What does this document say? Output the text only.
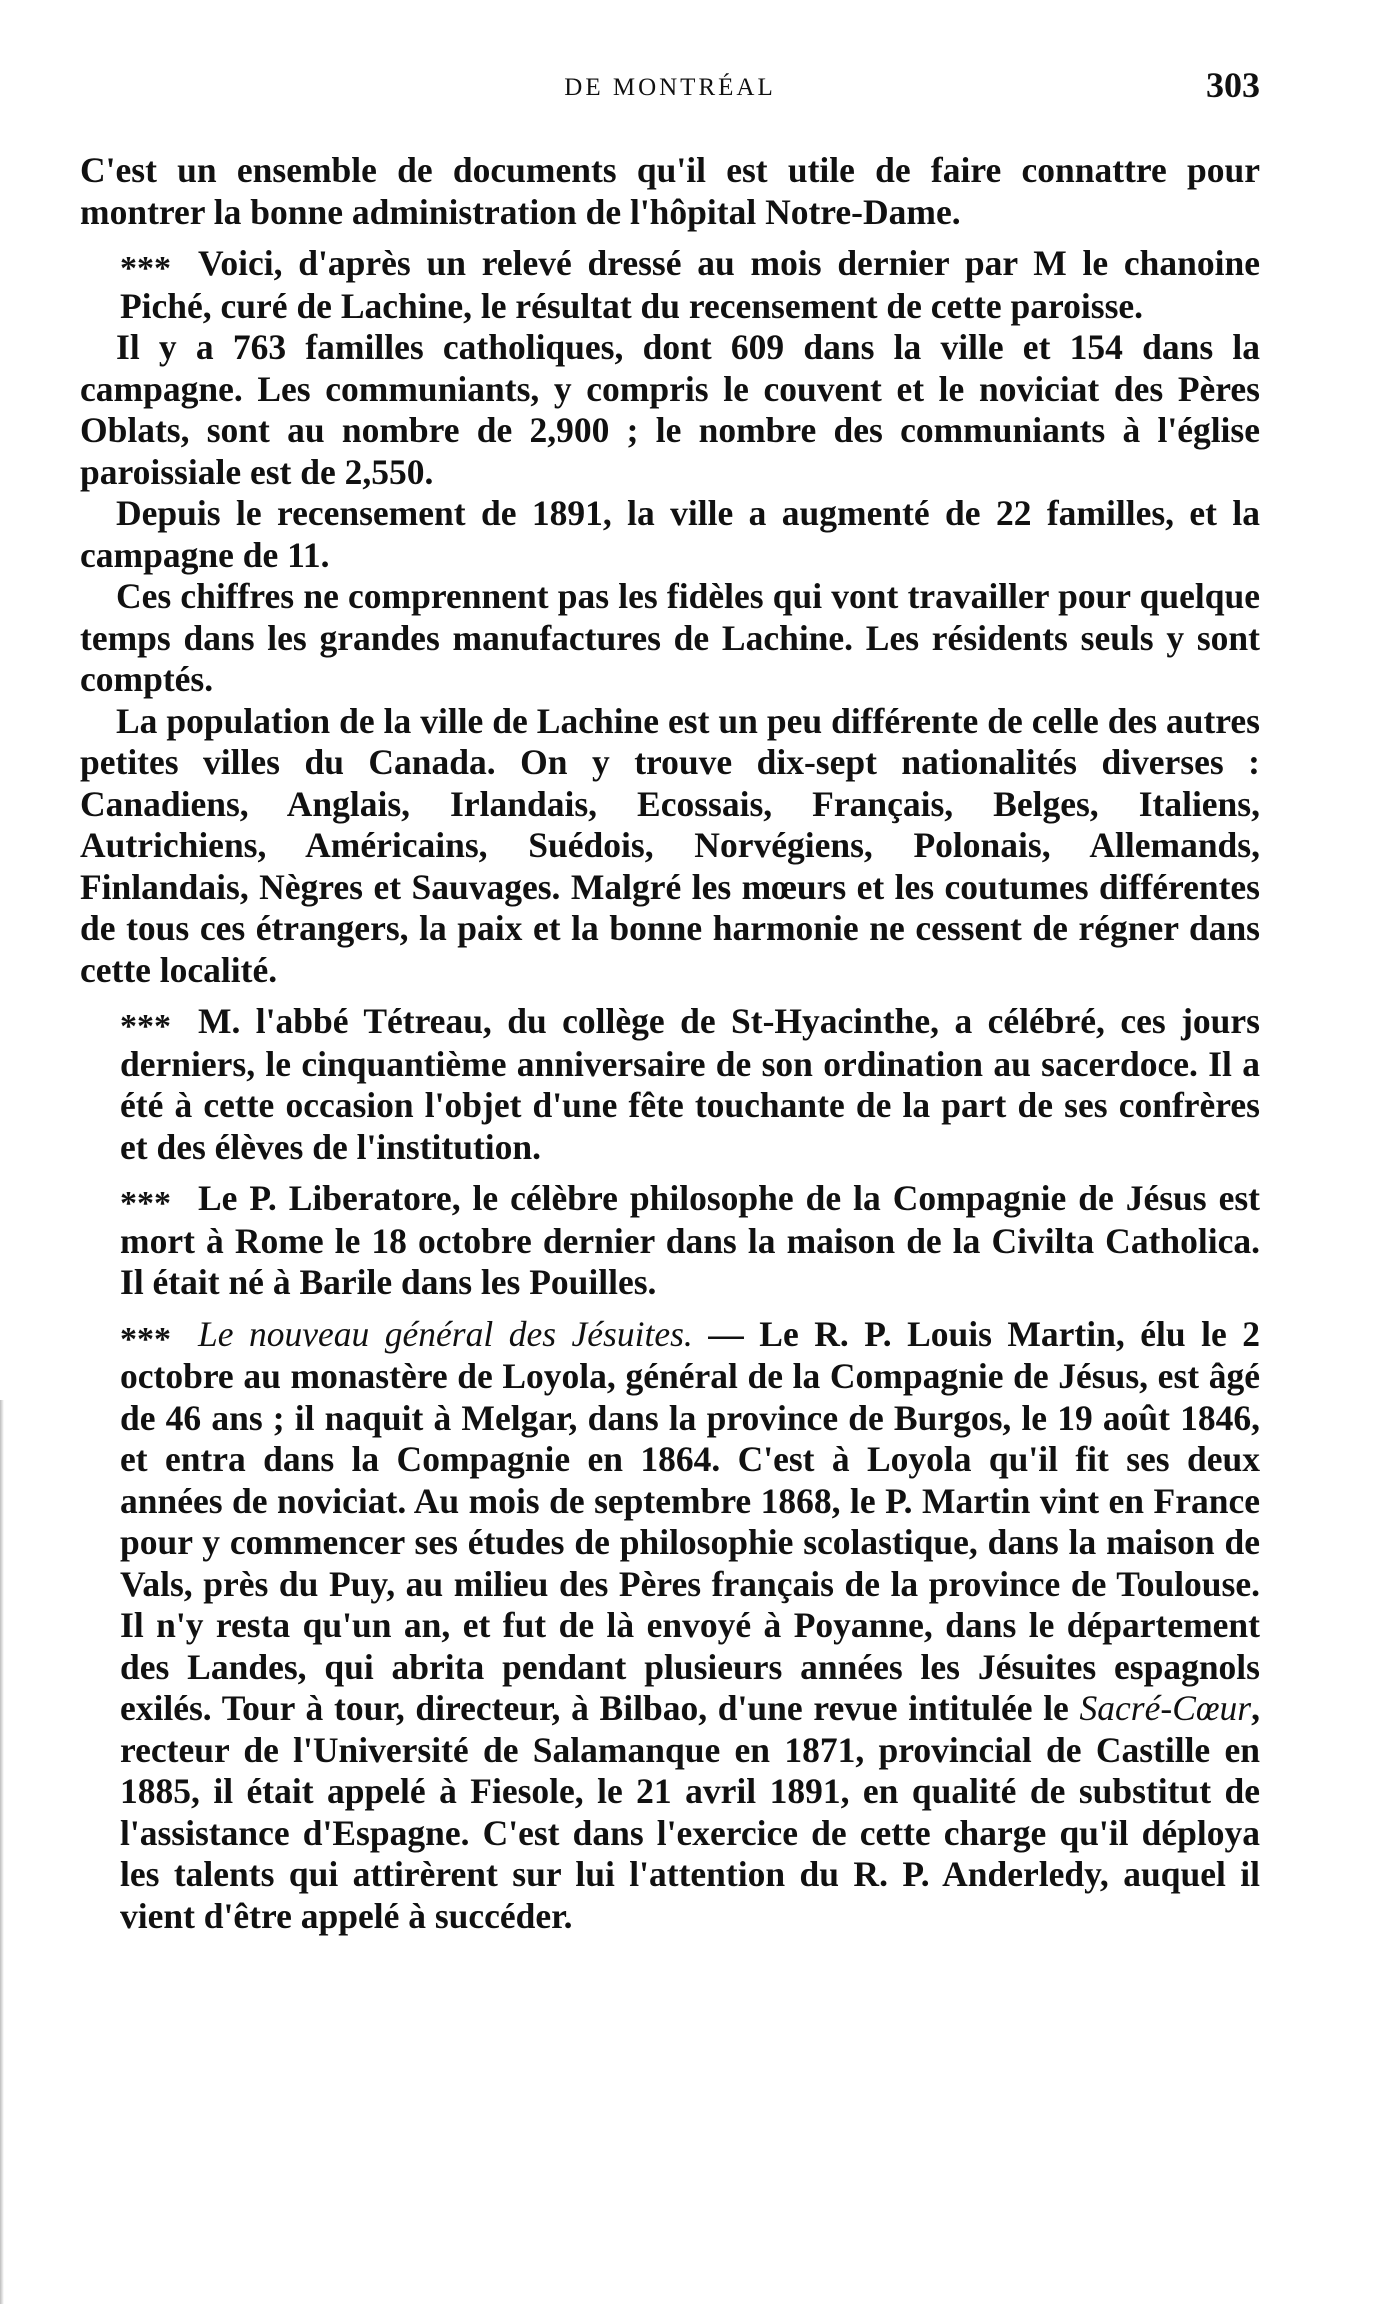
DE MONTRÉAL	303

C'est un ensemble de documents qu'il est utile de faire connattre pour montrer la bonne administration de l'hôpital Notre-Dame.

***Voici, d'après un relevé dressé au mois dernier par M le chanoine Piché, curé de Lachine, le résultat du recensement de cette paroisse.

Il y a 763 familles catholiques, dont 609 dans la ville et 154 dans la campagne. Les communiants, y compris le couvent et le noviciat des Pères Oblats, sont au nombre de 2,900 ; le nombre des communiants à l'église paroissiale est de 2,550.

Depuis le recensement de 1891, la ville a augmenté de 22 familles, et la campagne de 11.

Ces chiffres ne comprennent pas les fidèles qui vont travailler pour quelque temps dans les grandes manufactures de Lachine. Les résidents seuls y sont comptés.

La population de la ville de Lachine est un peu différente de celle des autres petites villes du Canada. On y trouve dix-sept nationalités diverses : Canadiens, Anglais, Irlandais, Ecossais, Français, Belges, Italiens, Autrichiens, Américains, Suédois, Norvégiens, Polonais, Allemands, Finlandais, Nègres et Sauvages. Malgré les mœurs et les coutumes différentes de tous ces étrangers, la paix et la bonne harmonie ne cessent de régner dans cette localité.

***M. l'abbé Tétreau, du collège de St-Hyacinthe, a célébré, ces jours derniers, le cinquantième anniversaire de son ordination au sacerdoce. Il a été à cette occasion l'objet d'une fête touchante de la part de ses confrères et des élèves de l'institution.

***Le P. Liberatore, le célèbre philosophe de la Compagnie de Jésus est mort à Rome le 18 octobre dernier dans la maison de la Civilta Catholica. Il était né à Barile dans les Pouilles.

***Le nouveau général des Jésuites. — Le R. P. Louis Martin, élu le 2 octobre au monastère de Loyola, général de la Compagnie de Jésus, est âgé de 46 ans ; il naquit à Melgar, dans la province de Burgos, le 19 août 1846, et entra dans la Compagnie en 1864. C'est à Loyola qu'il fit ses deux années de noviciat. Au mois de septembre 1868, le P. Martin vint en France pour y commencer ses études de philosophie scolastique, dans la maison de Vals, près du Puy, au milieu des Pères français de la province de Toulouse. Il n'y resta qu'un an, et fut de là envoyé à Poyanne, dans le département des Landes, qui abrita pendant plusieurs années les Jésuites espagnols exilés. Tour à tour, directeur, à Bilbao, d'une revue intitulée le Sacré-Cœur, recteur de l'Université de Salamanque en 1871, provincial de Castille en 1885, il était appelé à Fiesole, le 21 avril 1891, en qualité de substitut de l'assistance d'Espagne. C'est dans l'exercice de cette charge qu'il déploya les talents qui attirèrent sur lui l'attention du R. P. Anderledy, auquel il vient d'être appelé à succéder.
